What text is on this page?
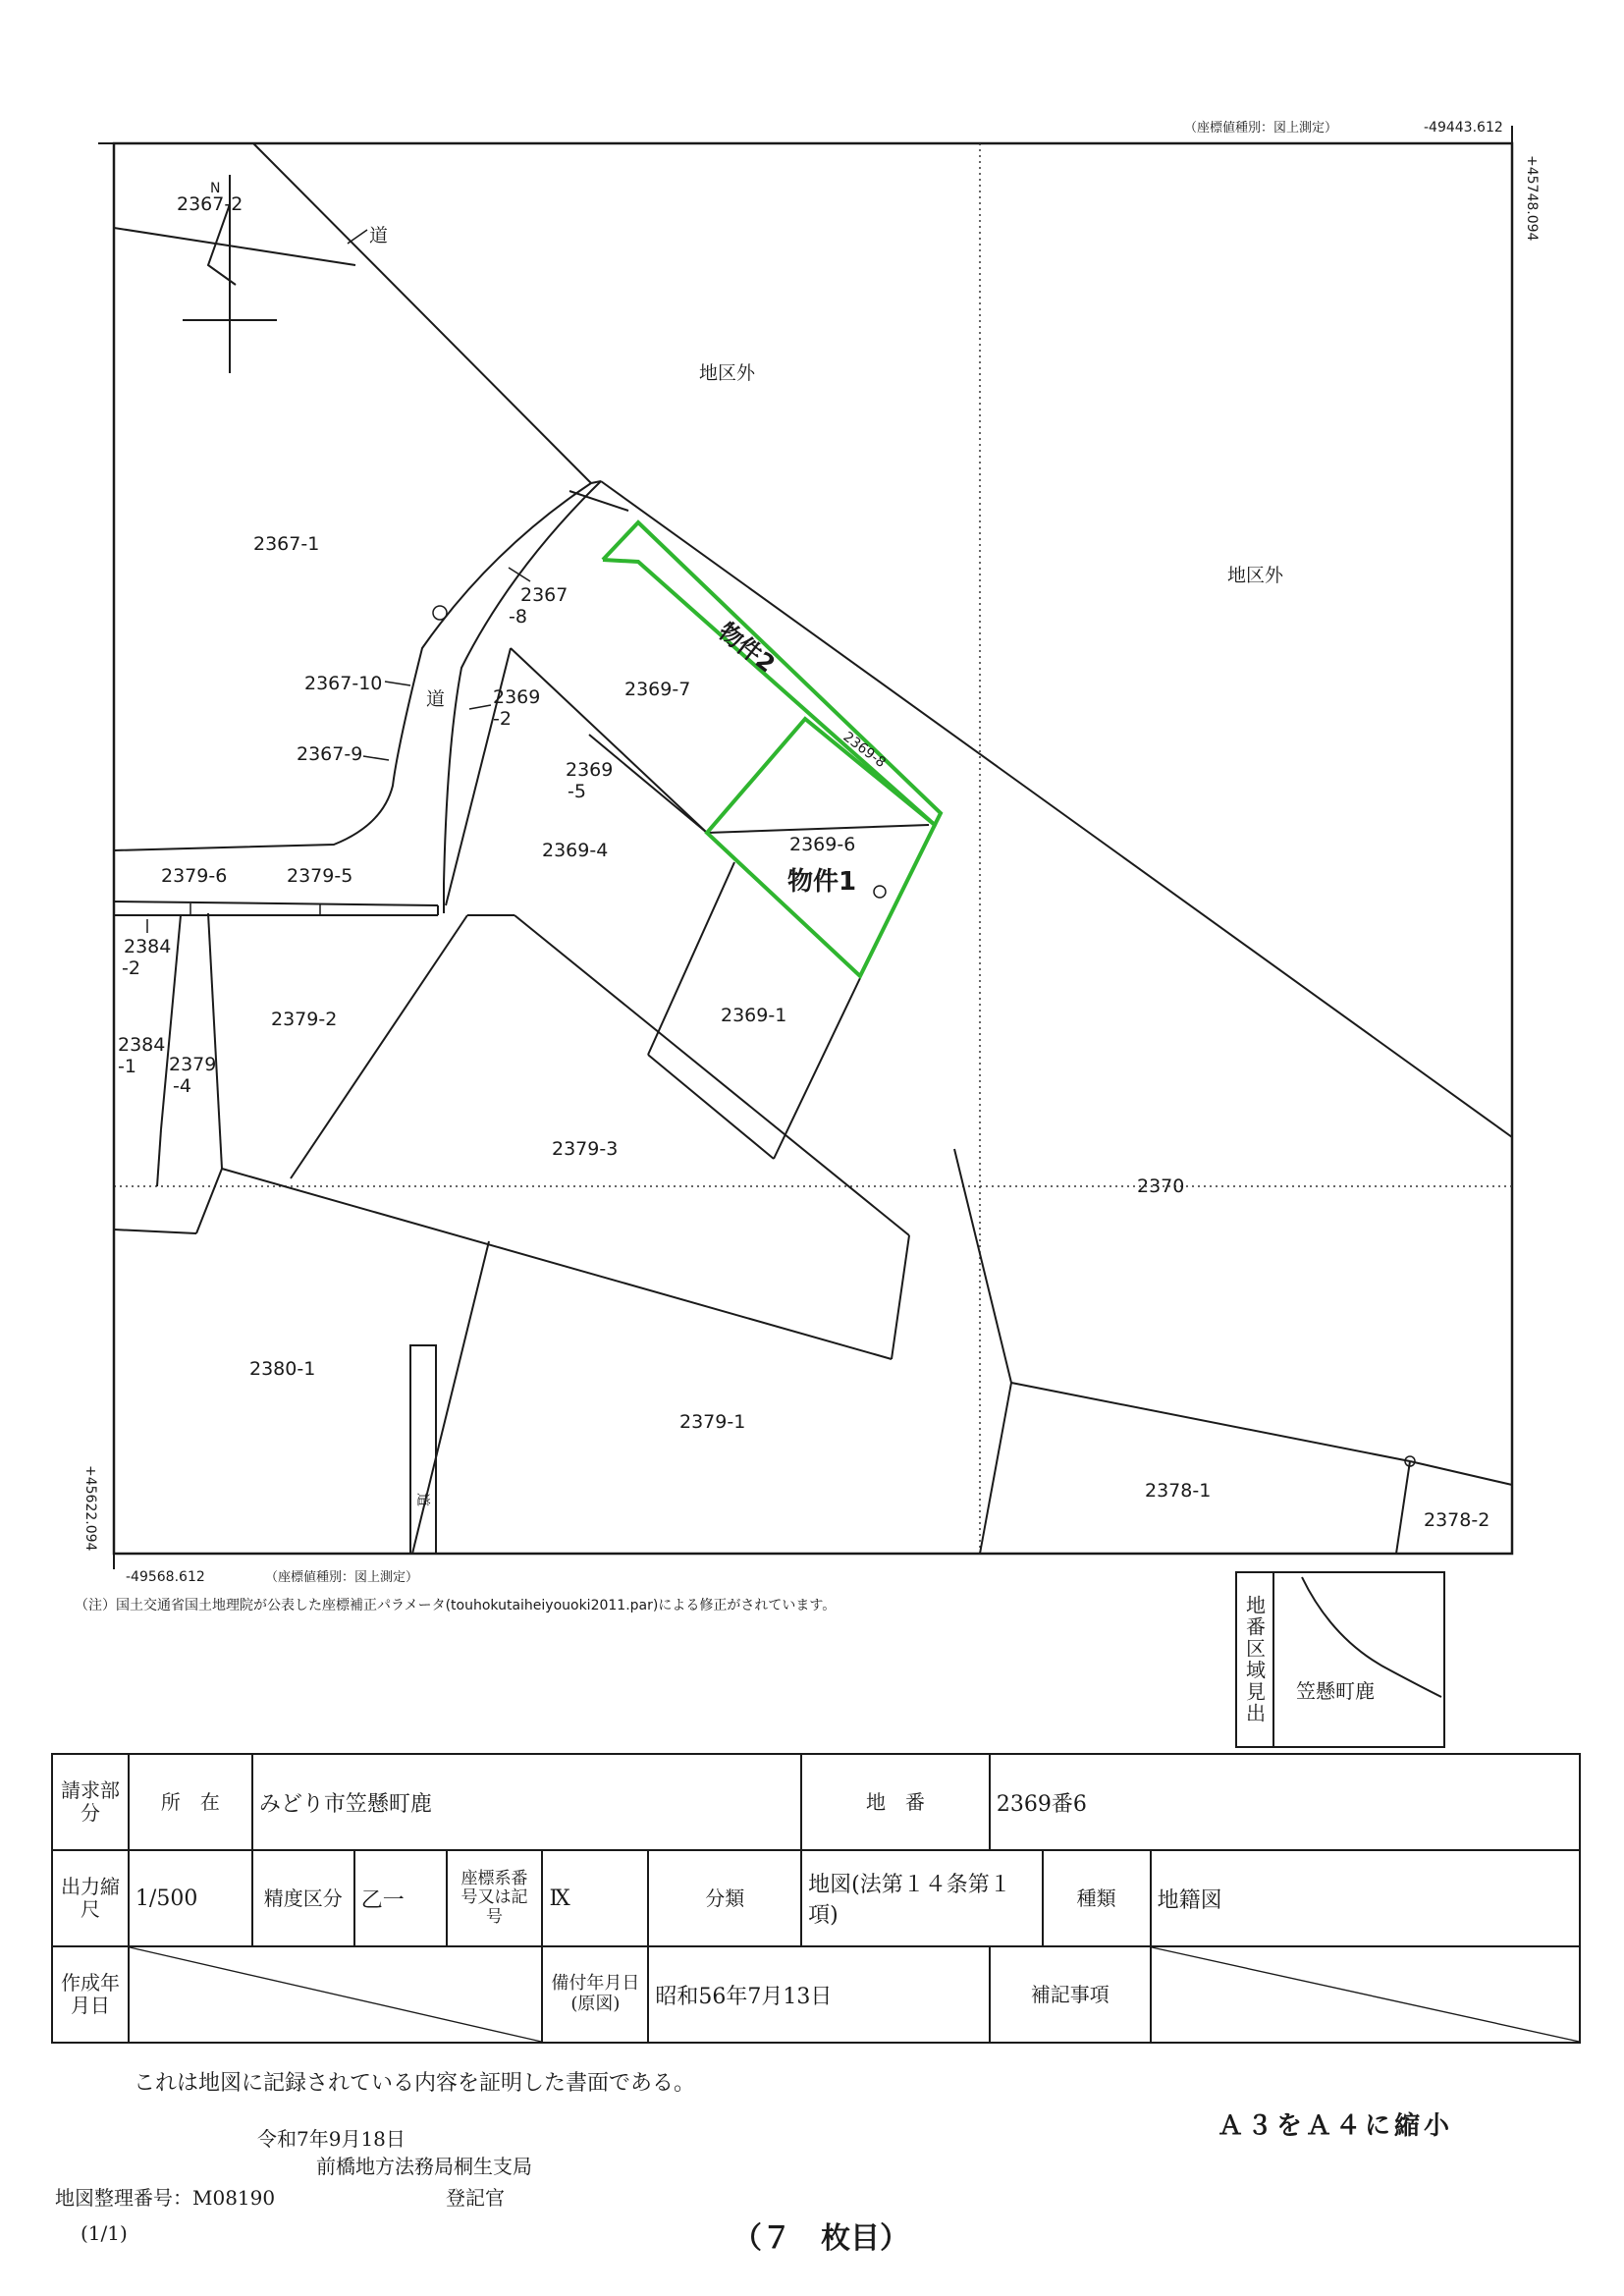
（座標値種別：図上測定）	-49443.612
+45748.094
+45622.094
-49568.612	（座標値種別：図上測定）
N
地区外
地区外
道
道
道
2367-2
2367-1
2367-10
2367-9
2369-7
2369-4	2369-6
2369-8
2369-1
2379-6	2379-5
2379-2
2379-3
2370
2380-1
2379-1
2378-1
2378-2
2367
-8
2369
-2
2369
-5
2384
-2
2384
-1 2379
-4
物件1
物件2
（注）国土交通省国土地理院が公表した座標補正パラメータ(touhokutaiheiyouoki2011.par)による修正がされています。	地番区域見出	笠懸町鹿
請求部分	所　在	みどり市笠懸町鹿					地　番	2369番6		
出力縮尺	1/500	精度区分	乙一	座標系番号又は記号	Ⅸ	分類	地図(法第１４条第１項)		種類	地籍図
作成年月日					備付年月日(原図)	昭和56年7月13日		補記事項	
これは地図に記録されている内容を証明した書面である。
Ａ３をＡ４に縮小
令和7年9月18日
前橋地方法務局桐生支局
地図整理番号：M08190	登記官
(1/1)	（７　枚目）
